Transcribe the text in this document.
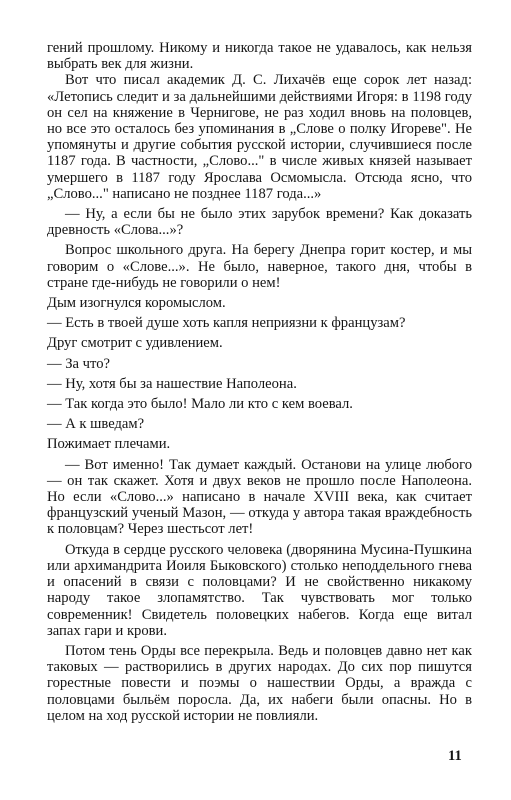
гений прошлому. Никому и никогда такое не удавалось, как нельзя выбрать век для жизни.

Вот что писал академик Д. С. Лихачёв еще сорок лет назад: «Летопись следит и за дальнейшими действиями Игоря: в 1198 году он сел на княжение в Чернигове, не раз ходил вновь на половцев, но все это осталось без упоминания в „Слове о полку Игореве". Не упомянуты и другие события русской истории, случившиеся после 1187 года. В частности, „Слово..." в числе живых князей называет умершего в 1187 году Ярослава Осмомысла. Отсюда ясно, что „Слово..." написано не позднее 1187 года...»

— Ну, а если бы не было этих зарубок времени? Как доказать древность «Слова...»?

Вопрос школьного друга. На берегу Днепра горит костер, и мы говорим о «Слове...». Не было, наверное, такого дня, чтобы в стране где-нибудь не говорили о нем!

Дым изогнулся коромыслом.

— Есть в твоей душе хоть капля неприязни к французам?

Друг смотрит с удивлением.

— За что?

— Ну, хотя бы за нашествие Наполеона.

— Так когда это было! Мало ли кто с кем воевал.

— А к шведам?

Пожимает плечами.

— Вот именно! Так думает каждый. Останови на улице любого — он так скажет. Хотя и двух веков не прошло после Наполеона. Но если «Слово...» написано в начале XVIII века, как считает французский ученый Мазон, — откуда у автора такая враждебность к половцам? Через шестьсот лет!

Откуда в сердце русского человека (дворянина Мусина-Пушкина или архимандрита Иоиля Быковского) столько неподдельного гнева и опасений в связи с половцами? И не свойственно никакому народу такое злопамятство. Так чувствовать мог только современник! Свидетель половецких набегов. Когда еще витал запах гари и крови.

Потом тень Орды все перекрыла. Ведь и половцев давно нет как таковых — растворились в других народах. До сих пор пишутся горестные повести и поэмы о нашествии Орды, а вражда с половцами быльём поросла. Да, их набеги были опасны. Но в целом на ход русской истории не повлияли.

11
